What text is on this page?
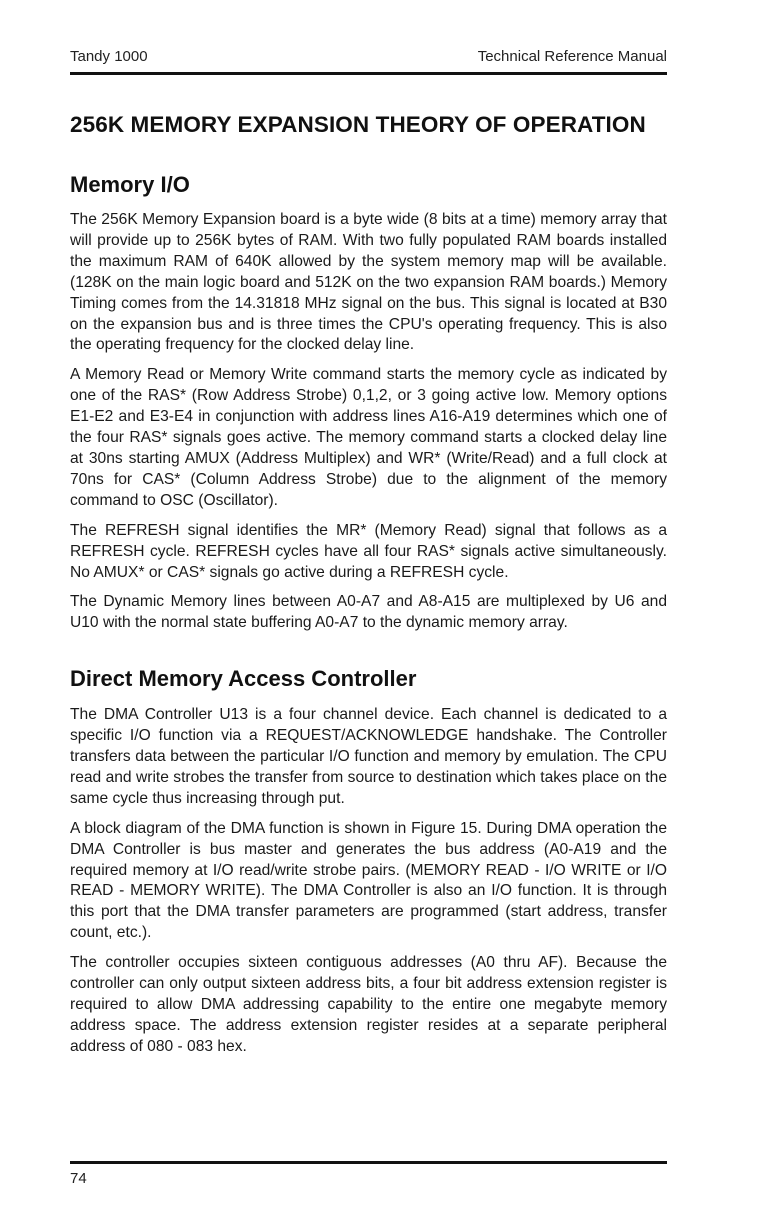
Tandy 1000	Technical Reference Manual
256K MEMORY EXPANSION THEORY OF OPERATION
Memory I/O

The 256K Memory Expansion board is a byte wide (8 bits at a time) memory array that will provide up to 256K bytes of RAM. With two fully populated RAM boards installed the maximum RAM of 640K allowed by the system memory map will be available. (128K on the main logic board and 512K on the two expansion RAM boards.) Memory Timing comes from the 14.31818 MHz signal on the bus. This signal is located at B30 on the expansion bus and is three times the CPU's operating frequency. This is also the operating frequency for the clocked delay line.

A Memory Read or Memory Write command starts the memory cycle as indicated by one of the RAS* (Row Address Strobe) 0,1,2, or 3 going active low. Memory options E1-E2 and E3-E4 in conjunction with address lines A16-A19 determines which one of the four RAS* signals goes active. The memory command starts a clocked delay line at 30ns starting AMUX (Address Multiplex) and WR* (Write/Read) and a full clock at 70ns for CAS* (Column Address Strobe) due to the alignment of the memory command to OSC (Oscillator).

The REFRESH signal identifies the MR* (Memory Read) signal that follows as a REFRESH cycle. REFRESH cycles have all four RAS* signals active simultaneously. No AMUX* or CAS* signals go active during a REFRESH cycle.

The Dynamic Memory lines between A0-A7 and A8-A15 are multiplexed by U6 and U10 with the normal state buffering A0-A7 to the dynamic memory array.

Direct Memory Access Controller

The DMA Controller U13 is a four channel device. Each channel is dedicated to a specific I/O function via a REQUEST/ACKNOWLEDGE handshake. The Controller transfers data between the particular I/O function and memory by emulation. The CPU read and write strobes the transfer from source to destination which takes place on the same cycle thus increasing through put.

A block diagram of the DMA function is shown in Figure 15. During DMA operation the DMA Controller is bus master and generates the bus address (A0-A19 and the required memory at I/O read/write strobe pairs. (MEMORY READ - I/O WRITE or I/O READ - MEMORY WRITE). The DMA Controller is also an I/O function. It is through this port that the DMA transfer parameters are programmed (start address, transfer count, etc.).

The controller occupies sixteen contiguous addresses (A0 thru AF). Because the controller can only output sixteen address bits, a four bit address extension register is required to allow DMA addressing capability to the entire one megabyte memory address space. The address extension register resides at a separate peripheral address of 080 - 083 hex.

74
